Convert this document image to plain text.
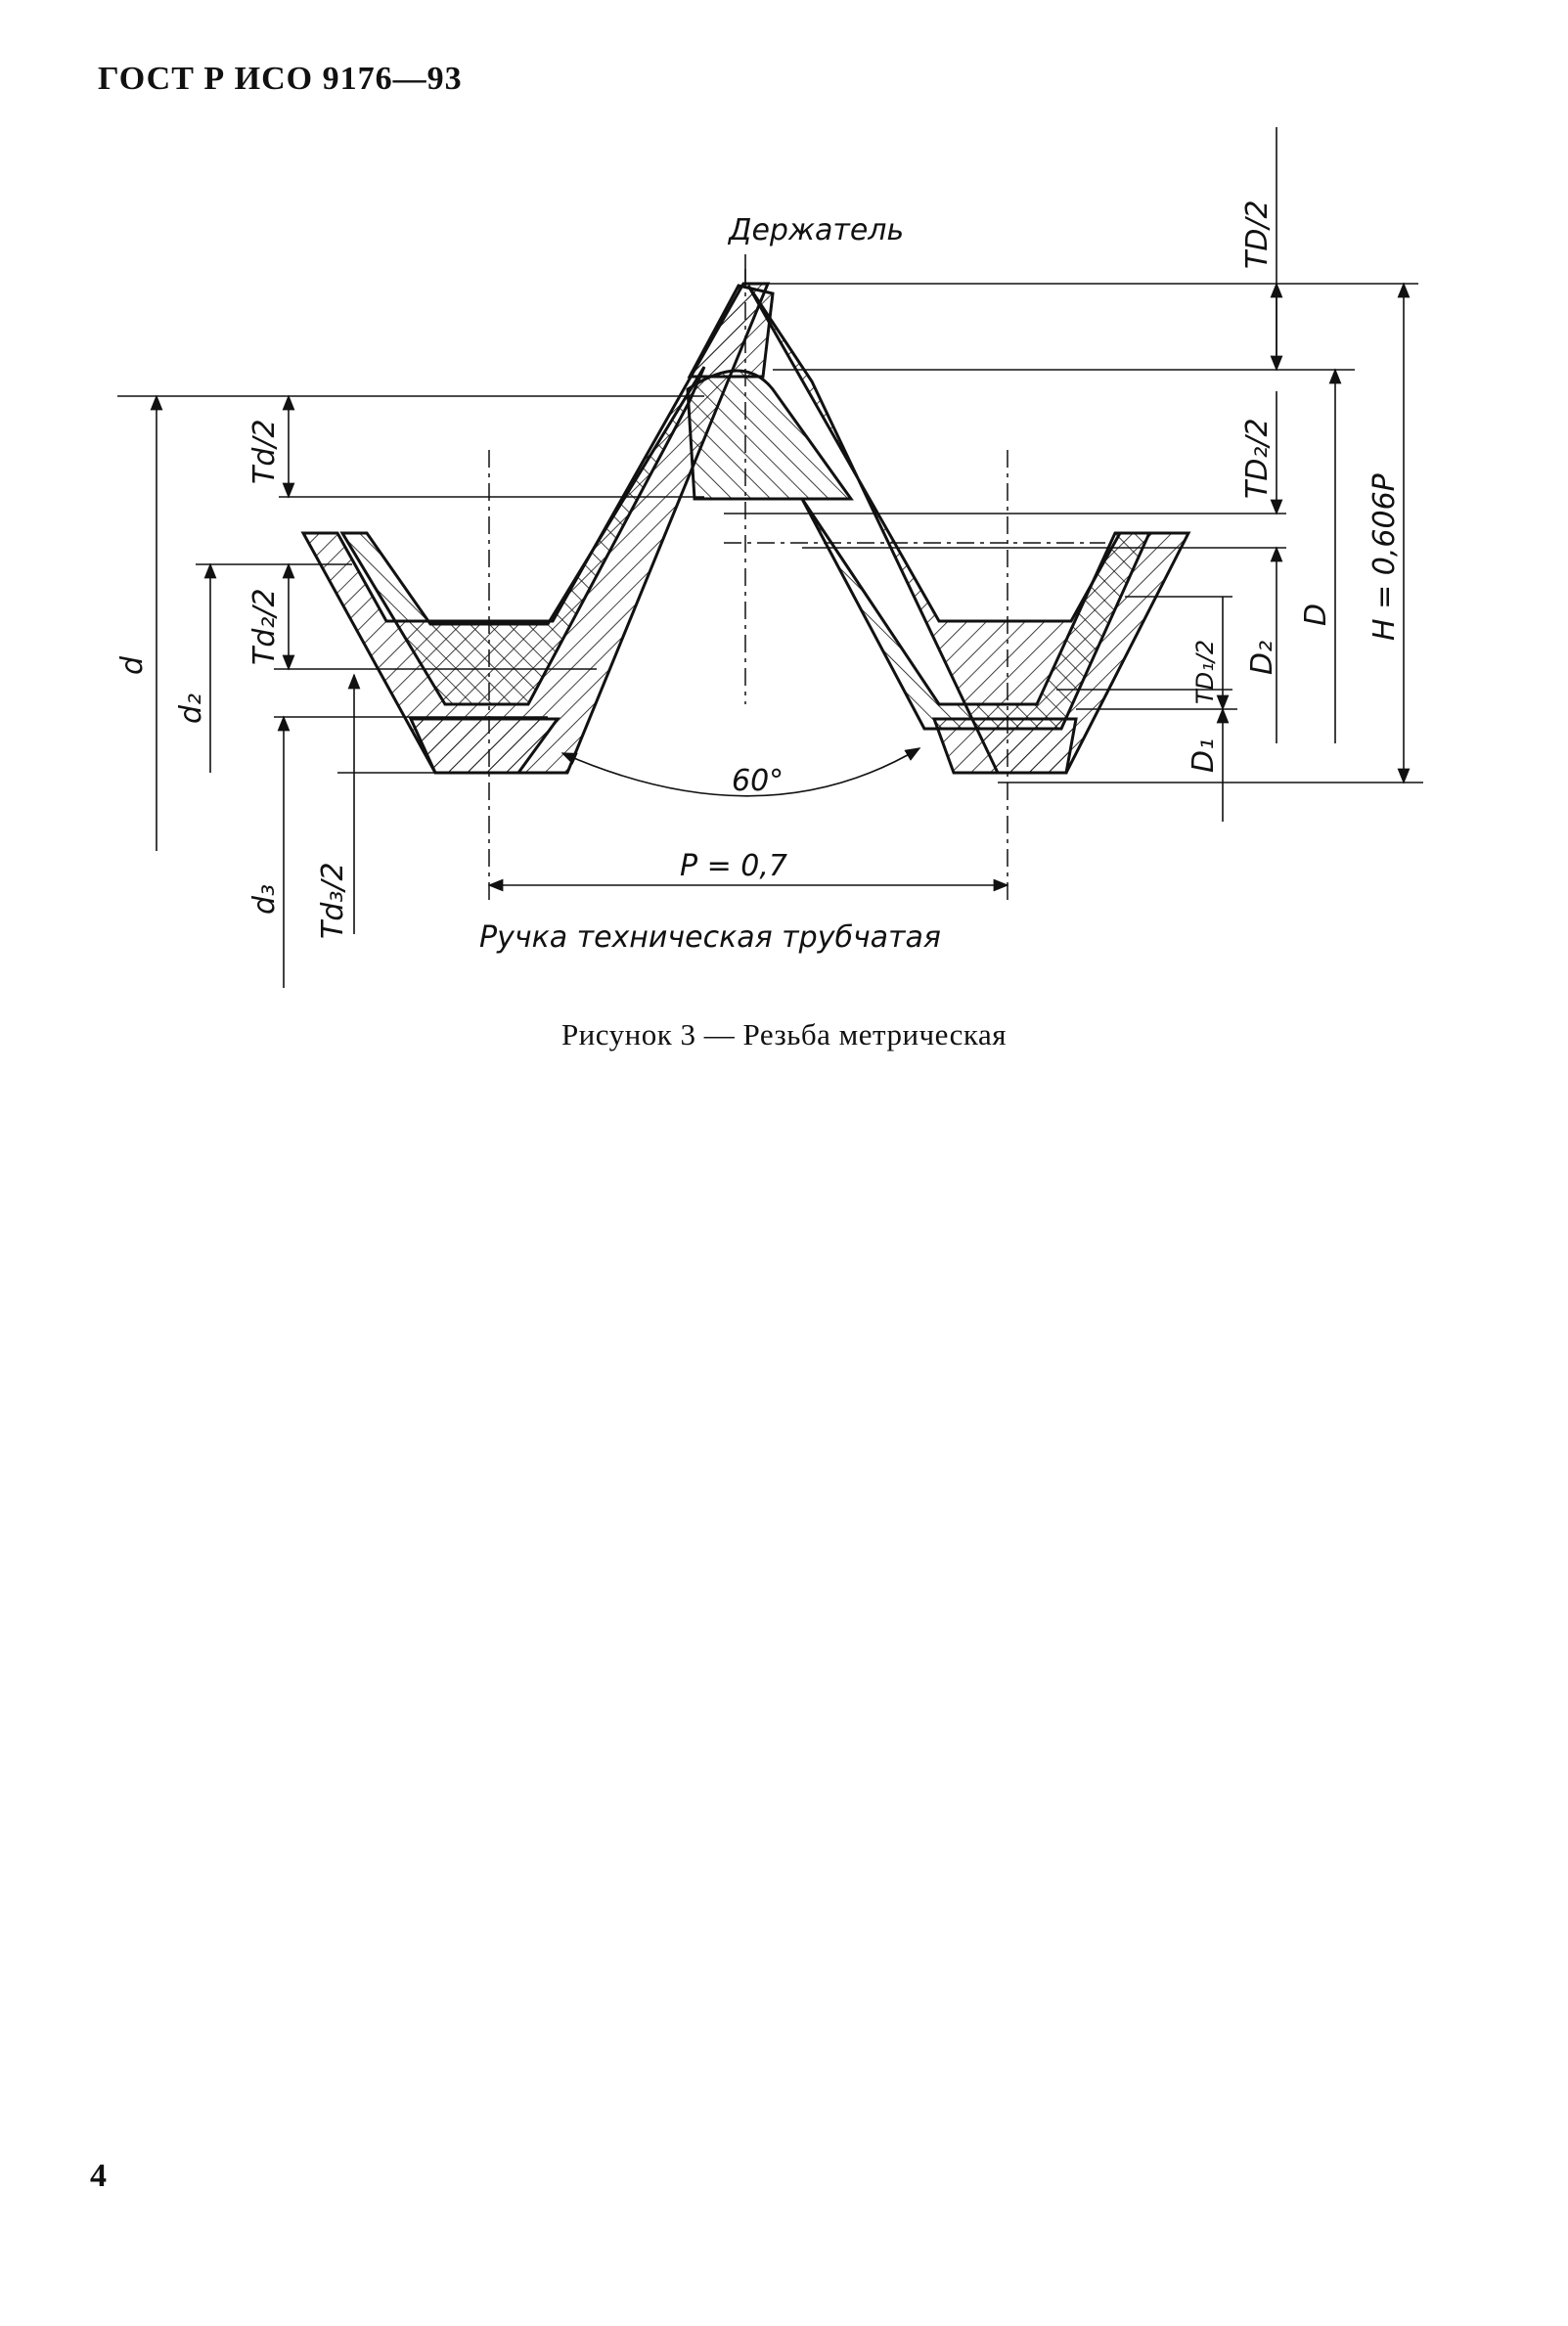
ГОСТ Р ИСО 9176—93
Держатель
Ручка техническая трубчатая
P = 0,7
60°
d
d₂
d₃
Td/2
Td₂/2
Td₃/2
TD/2
TD₂/2
TD₁/2 D₂
D₁
D H = 0,606P
Рисунок 3 — Резьба метрическая
4
